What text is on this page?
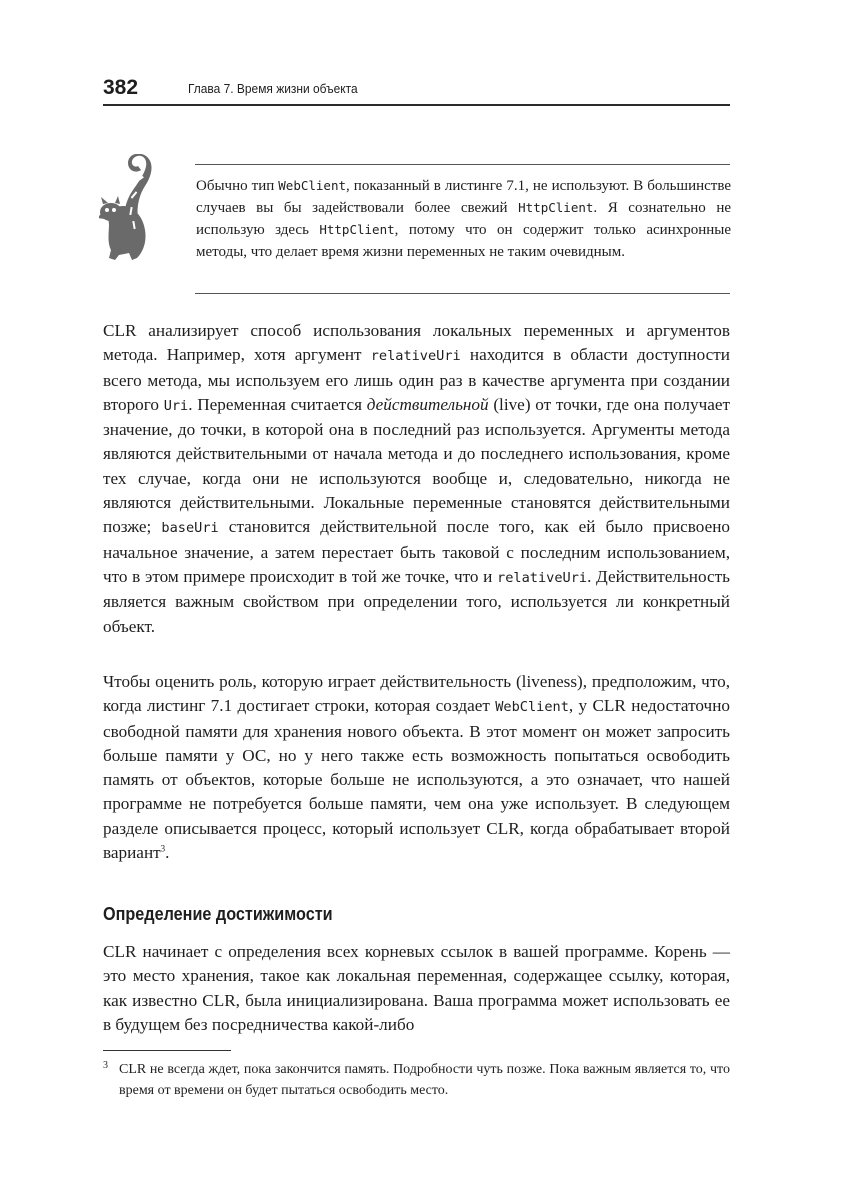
382	Глава 7. Время жизни объекта
Обычно тип WebClient, показанный в листинге 7.1, не используют. В большинстве случаев вы бы задействовали более свежий HttpClient. Я сознательно не использую здесь HttpClient, потому что он содержит только асинхронные методы, что делает время жизни переменных не таким очевидным.
CLR анализирует способ использования локальных переменных и аргументов метода. Например, хотя аргумент relativeUri находится в области доступности всего метода, мы используем его лишь один раз в качестве аргумента при создании второго Uri. Переменная считается действительной (live) от точки, где она получает значение, до точки, в которой она в последний раз используется. Аргументы метода являются действительными от начала метода и до последнего использования, кроме тех случае, когда они не используются вообще и, следовательно, никогда не являются действительными. Локальные переменные становятся действительными позже; baseUri становится действительной после того, как ей было присвоено начальное значение, а затем перестает быть таковой с последним использованием, что в этом примере происходит в той же точке, что и relativeUri. Действительность является важным свойством при определении того, используется ли конкретный объект.
Чтобы оценить роль, которую играет действительность (liveness), предположим, что, когда листинг 7.1 достигает строки, которая создает WebClient, у CLR недостаточно свободной памяти для хранения нового объекта. В этот момент он может запросить больше памяти у ОС, но у него также есть возможность попытаться освободить память от объектов, которые больше не используются, а это означает, что нашей программе не потребуется больше памяти, чем она уже использует. В следующем разделе описывается процесс, который использует CLR, когда обрабатывает второй вариант$^3$.
Определение достижимости
CLR начинает с определения всех корневых ссылок в вашей программе. Корень — это место хранения, такое как локальная переменная, содержащее ссылку, которая, как известно CLR, была инициализирована. Ваша программа может использовать ее в будущем без посредничества какой-либо
3 CLR не всегда ждет, пока закончится память. Подробности чуть позже. Пока важным является то, что время от времени он будет пытаться освободить место.
